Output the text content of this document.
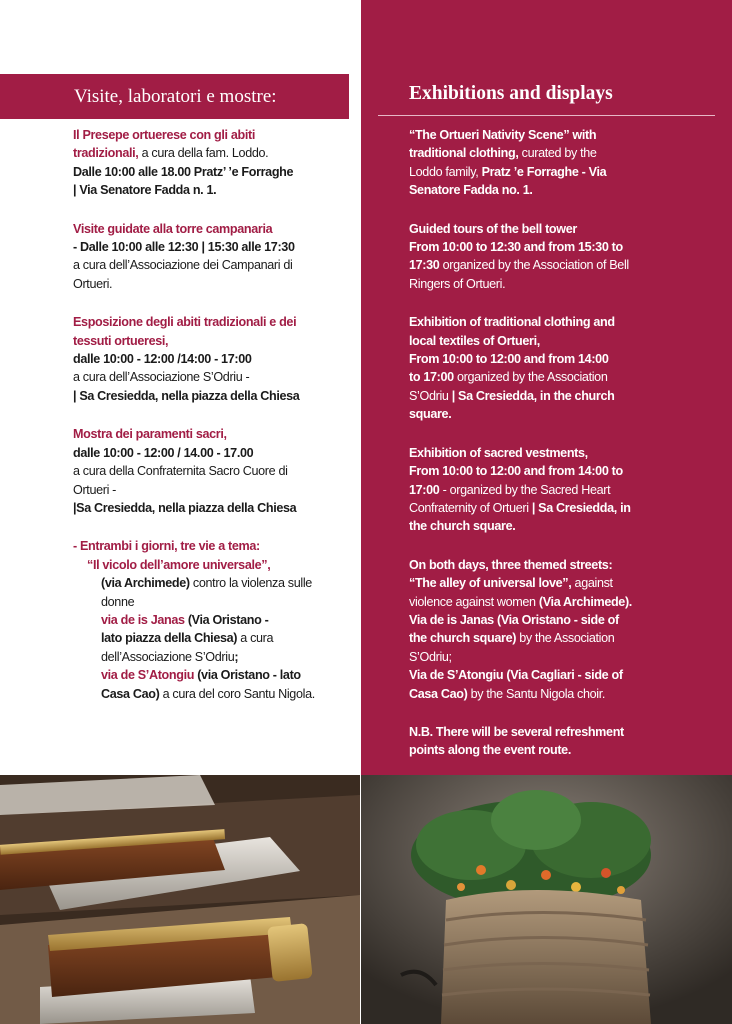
Visite, laboratori e mostre:	Exhibitions and displays
Il Presepe ortuerese con gli abiti
tradizionali, a cura della fam. Loddo.
Dalle 10:00 alle 18.00 Pratz’ ’e Forraghe
| Via Senatore Fadda n. 1.
Visite guidate alla torre campanaria
- Dalle 10:00 alle 12:30 | 15:30 alle 17:30
a cura dell’Associazione dei Campanari di
Ortueri.
Esposizione degli abiti tradizionali e dei
tessuti ortueresi,
dalle 10:00 - 12:00 /14:00 - 17:00
a cura dell’Associazione S’Odriu -
| Sa Cresiedda, nella piazza della Chiesa
Mostra dei paramenti sacri,
dalle 10:00 - 12:00 / 14.00 - 17.00
a cura della Confraternita Sacro Cuore di
Ortueri -
|Sa Cresiedda, nella piazza della Chiesa
- Entrambi i giorni, tre vie a tema:
“Il vicolo dell’amore universale”,
(via Archimede) contro la violenza sulle
donne
via de is Janas (Via Oristano -
lato piazza della Chiesa) a cura
dell’Associazione S’Odriu;
via de S’Atongiu (via Oristano - lato
Casa Cao) a cura del coro Santu Nigola.
“The Ortueri Nativity Scene” with
traditional clothing, curated by the
Loddo family, Pratz ’e Forraghe - Via
Senatore Fadda no. 1.
Guided tours of the bell tower
From 10:00 to 12:30 and from 15:30 to
17:30 organized by the Association of Bell
Ringers of Ortueri.
Exhibition of traditional clothing and
local textiles of Ortueri,
From 10:00 to 12:00 and from 14:00
to 17:00 organized by the Association
S’Odriu | Sa Cresiedda, in the church
square.
Exhibition of sacred vestments,
From 10:00 to 12:00 and from 14:00 to
17:00 - organized by the Sacred Heart
Confraternity of Ortueri | Sa Cresiedda, in
the church square.
On both days, three themed streets:
“The alley of universal love”, against
violence against women (Via Archimede).
Via de is Janas (Via Oristano - side of
the church square) by the Association
S’Odriu;
Via de S’Atongiu (Via Cagliari - side of
Casa Cao) by the Santu Nigola choir.
N.B. There will be several refreshment
points along the event route.
